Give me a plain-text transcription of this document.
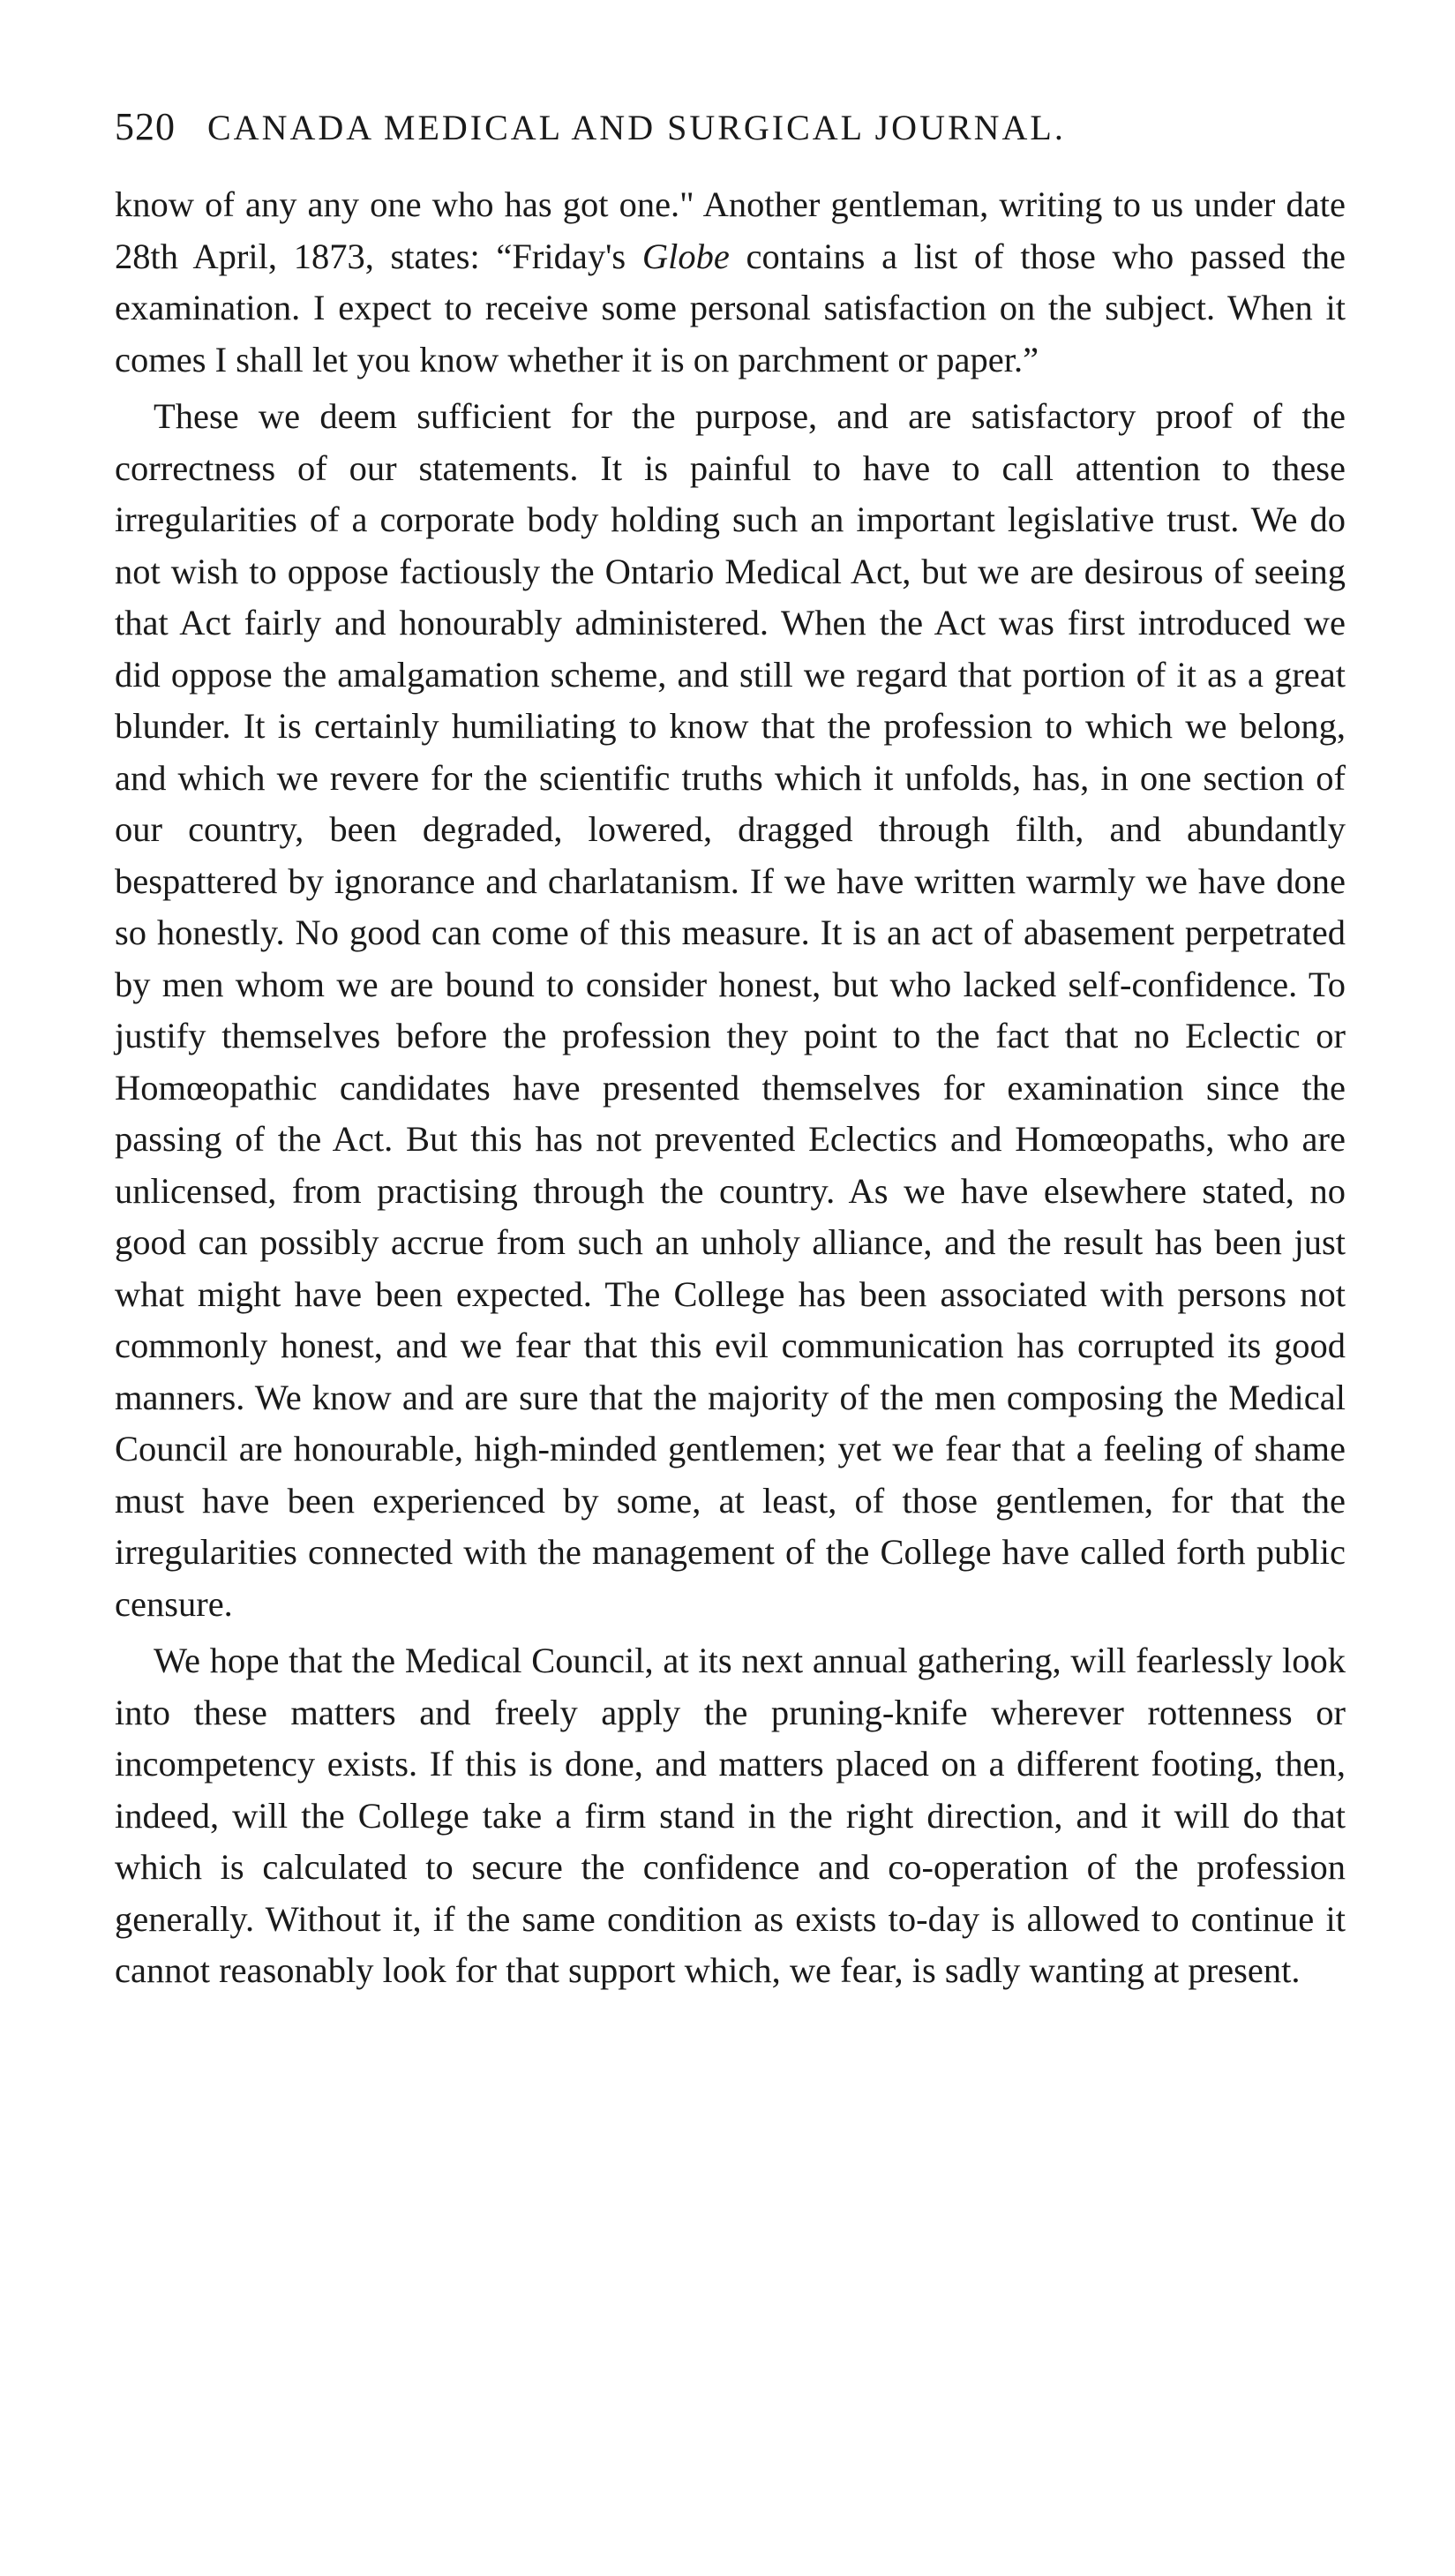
520 CANADA MEDICAL AND SURGICAL JOURNAL.

know of any any one who has got one." Another gentleman, writing to us under date 28th April, 1873, states: “Friday's Globe contains a list of those who passed the examination. I expect to receive some personal satisfaction on the subject. When it comes I shall let you know whether it is on parchment or paper.”

These we deem sufficient for the purpose, and are satisfactory proof of the correctness of our statements. It is painful to have to call attention to these irregularities of a corporate body holding such an important legislative trust. We do not wish to oppose factiously the Ontario Medical Act, but we are desirous of seeing that Act fairly and honourably administered. When the Act was first introduced we did oppose the amalgamation scheme, and still we regard that portion of it as a great blunder. It is certainly humiliating to know that the profession to which we belong, and which we revere for the scientific truths which it unfolds, has, in one section of our country, been degraded, lowered, dragged through filth, and abundantly bespattered by ignorance and charlatanism. If we have written warmly we have done so honestly. No good can come of this measure. It is an act of abasement perpetrated by men whom we are bound to consider honest, but who lacked self-confidence. To justify themselves before the profession they point to the fact that no Eclectic or Homœopathic candidates have presented themselves for examination since the passing of the Act. But this has not prevented Eclectics and Homœopaths, who are unlicensed, from practising through the country. As we have elsewhere stated, no good can possibly accrue from such an unholy alliance, and the result has been just what might have been expected. The College has been associated with persons not commonly honest, and we fear that this evil communication has corrupted its good manners. We know and are sure that the majority of the men composing the Medical Council are honourable, high-minded gentlemen; yet we fear that a feeling of shame must have been experienced by some, at least, of those gentlemen, for that the irregularities connected with the management of the College have called forth public censure.

We hope that the Medical Council, at its next annual gathering, will fearlessly look into these matters and freely apply the pruning-knife wherever rottenness or incompetency exists. If this is done, and matters placed on a different footing, then, indeed, will the College take a firm stand in the right direction, and it will do that which is calculated to secure the confidence and co-operation of the profession generally. Without it, if the same condition as exists to-day is allowed to continue it cannot reasonably look for that support which, we fear, is sadly wanting at present.
